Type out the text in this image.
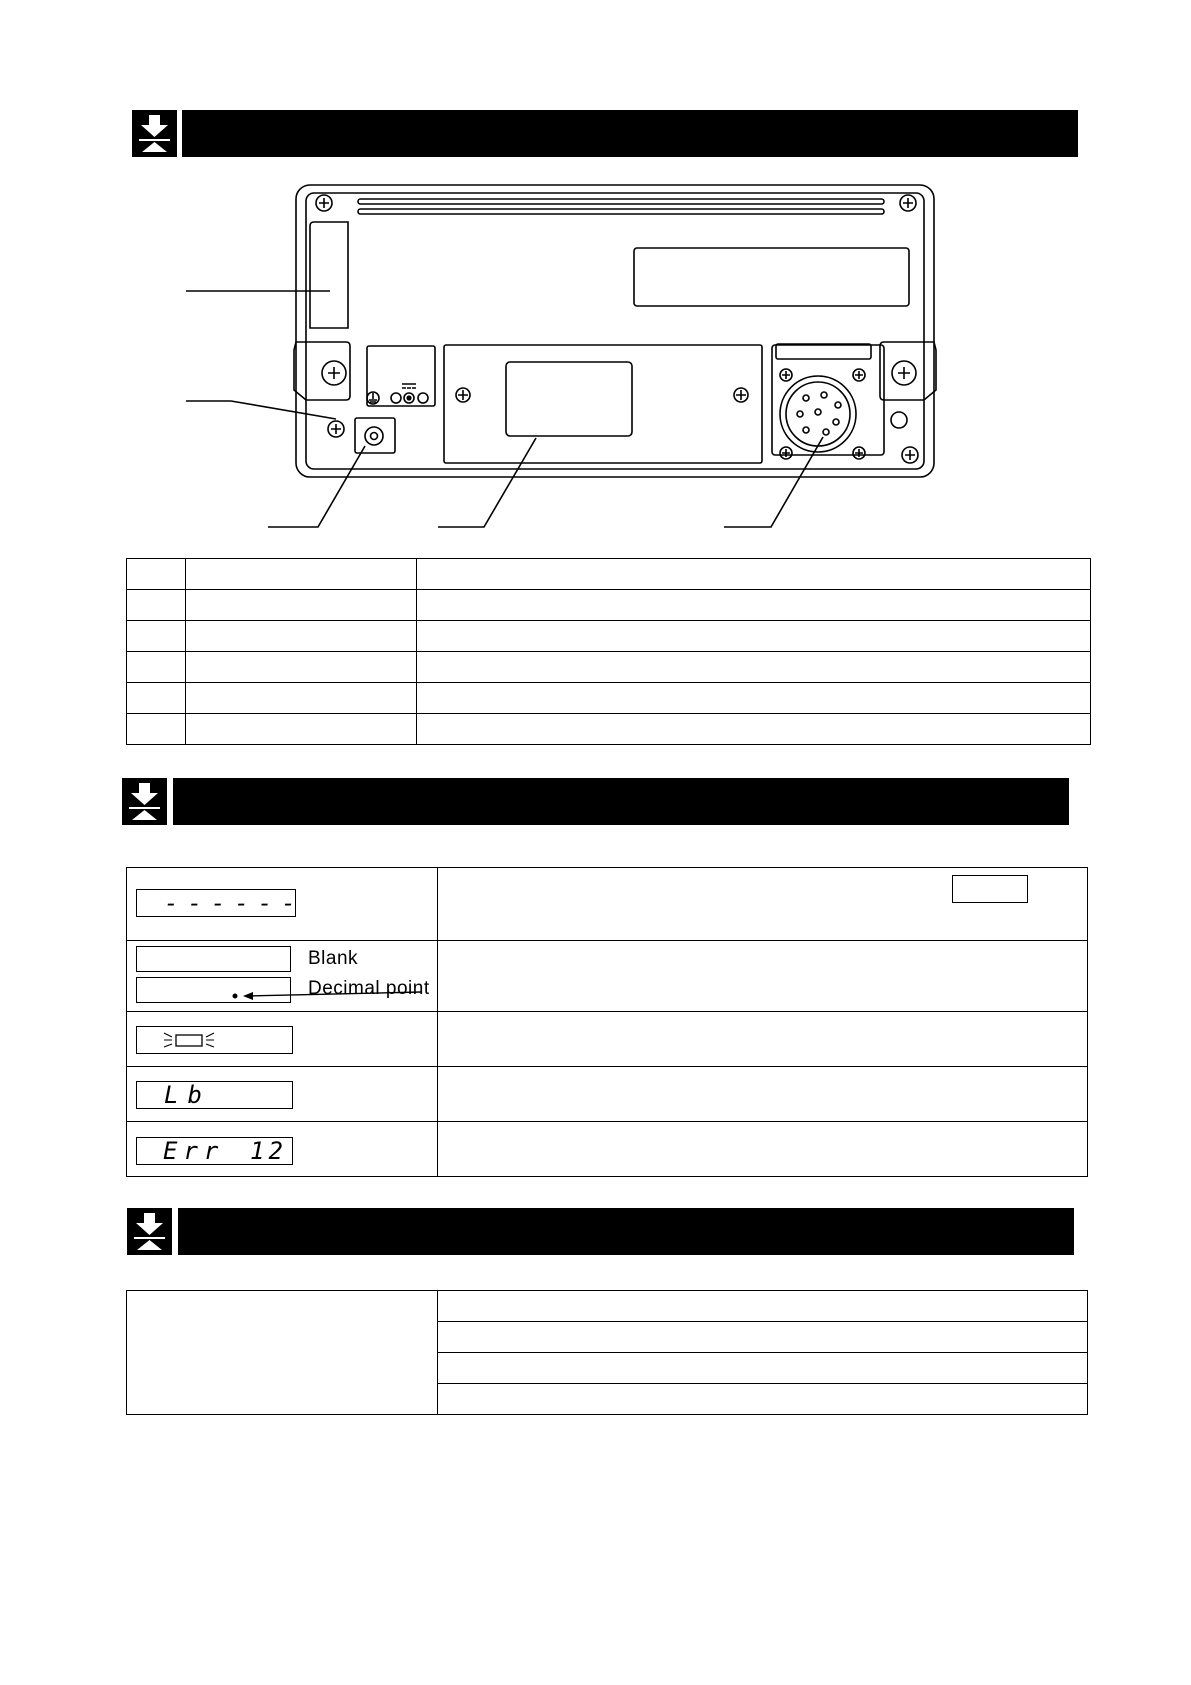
------
Blank
Decimal point
Lb
Err 12
